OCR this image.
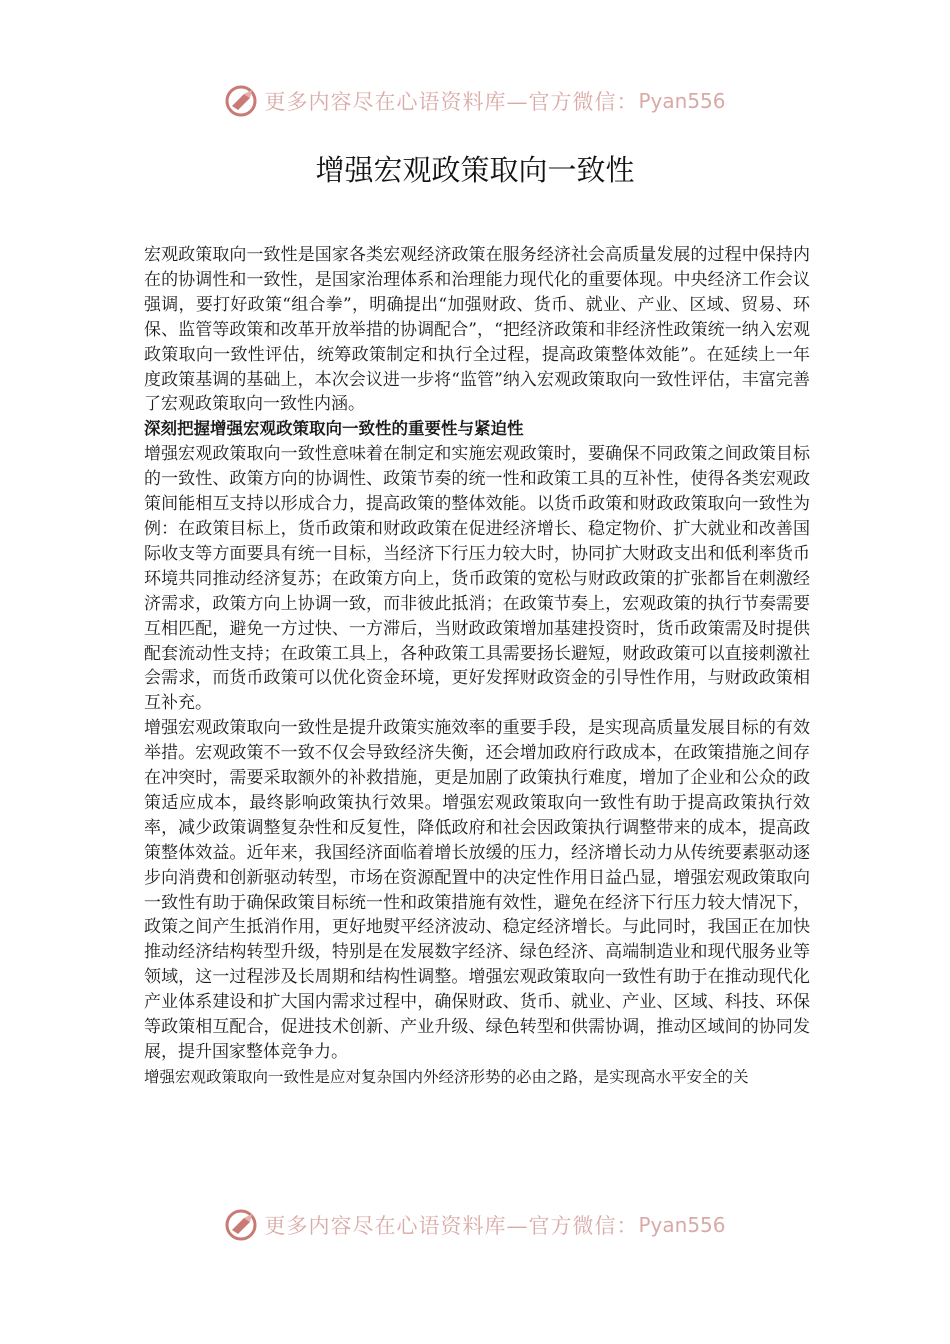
更多内容尽在心语资料库—官方微信： Pyan556
增强宏观政策取向一致性

宏观政策取向一致性是国家各类宏观经济政策在服务经济社会高质量发展的过程中保持内在的协调性和一致性，是国家治理体系和治理能力现代化的重要体现。中央经济工作会议强调，要打好政策“组合拳”，明确提出“加强财政、货币、就业、产业、区域、贸易、环保、监管等政策和改革开放举措的协调配合”，“把经济政策和非经济性政策统一纳入宏观政策取向一致性评估，统筹政策制定和执行全过程，提高政策整体效能”。在延续上一年度政策基调的基础上，本次会议进一步将“监管”纳入宏观政策取向一致性评估，丰富完善了宏观政策取向一致性内涵。

深刻把握增强宏观政策取向一致性的重要性与紧迫性

增强宏观政策取向一致性意味着在制定和实施宏观政策时，要确保不同政策之间政策目标的一致性、政策方向的协调性、政策节奏的统一性和政策工具的互补性，使得各类宏观政策间能相互支持以形成合力，提高政策的整体效能。以货币政策和财政政策取向一致性为例：在政策目标上，货币政策和财政政策在促进经济增长、稳定物价、扩大就业和改善国际收支等方面要具有统一目标，当经济下行压力较大时，协同扩大财政支出和低利率货币环境共同推动经济复苏；在政策方向上，货币政策的宽松与财政政策的扩张都旨在刺激经济需求，政策方向上协调一致，而非彼此抵消；在政策节奏上，宏观政策的执行节奏需要互相匹配，避免一方过快、一方滞后，当财政政策增加基建投资时，货币政策需及时提供配套流动性支持；在政策工具上，各种政策工具需要扬长避短，财政政策可以直接刺激社会需求，而货币政策可以优化资金环境，更好发挥财政资金的引导性作用，与财政政策相互补充。

增强宏观政策取向一致性是提升政策实施效率的重要手段，是实现高质量发展目标的有效举措。宏观政策不一致不仅会导致经济失衡，还会增加政府行政成本，在政策措施之间存在冲突时，需要采取额外的补救措施，更是加剧了政策执行难度，增加了企业和公众的政策适应成本，最终影响政策执行效果。增强宏观政策取向一致性有助于提高政策执行效率，减少政策调整复杂性和反复性，降低政府和社会因政策执行调整带来的成本，提高政策整体效益。近年来，我国经济面临着增长放缓的压力，经济增长动力从传统要素驱动逐步向消费和创新驱动转型，市场在资源配置中的决定性作用日益凸显，增强宏观政策取向一致性有助于确保政策目标统一性和政策措施有效性，避免在经济下行压力较大情况下，政策之间产生抵消作用，更好地熨平经济波动、稳定经济增长。与此同时，我国正在加快推动经济结构转型升级，特别是在发展数字经济、绿色经济、高端制造业和现代服务业等领域，这一过程涉及长周期和结构性调整。增强宏观政策取向一致性有助于在推动现代化产业体系建设和扩大国内需求过程中，确保财政、货币、就业、产业、区域、科技、环保等政策相互配合，促进技术创新、产业升级、绿色转型和供需协调，推动区域间的协同发展，提升国家整体竞争力。

增强宏观政策取向一致性是应对复杂国内外经济形势的必由之路，是实现高水平安全的关

更多内容尽在心语资料库—官方微信： Pyan556
